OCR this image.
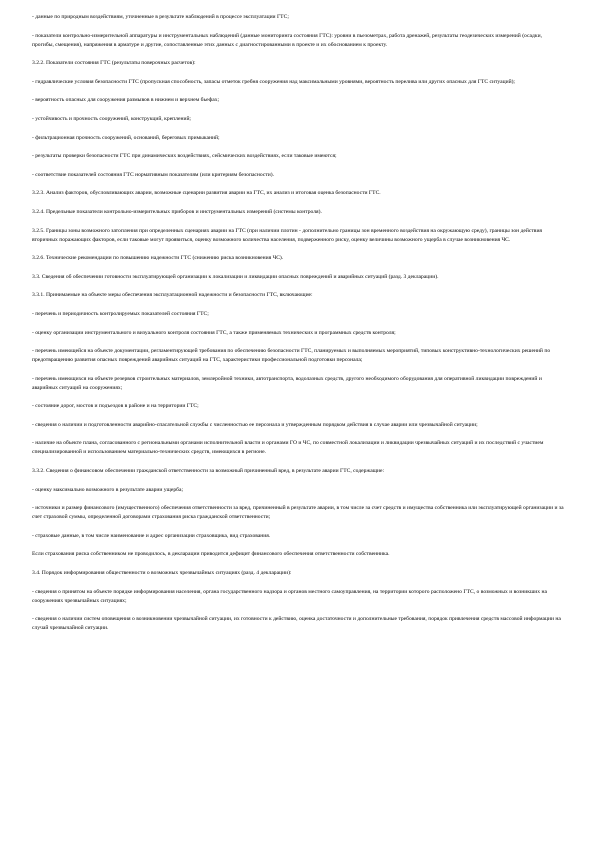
- данные по природным воздействиям, уточненные в результате наблюдений в процессе эксплуатации ГТС;

- показатели контрольно-измерительной аппаратуры и инструментальных наблюдений (данные мониторинга состояния ГТС): уровни в пьезометрах, работа дренажей, результаты геодезических измерений (осадки, прогибы, смещения), напряжения в арматуре и другие, сопоставленные этих данных с диагностированными в проекте и их обоснованием к проекту.

3.2.2. Показатели состояния ГТС (результаты поверочных расчетов):

- гидравлические условия безопасности ГТС (пропускная способность, запасы отметок гребня сооружения над максимальными уровнями, вероятность перелива или других опасных для ГТС ситуаций);

- вероятность опасных для сооружения размывов в нижнем и верхнем бьефах;

- устойчивость и прочность сооружений, конструкций, креплений;

- фильтрационная прочность сооружений, оснований, береговых примыканий;

- результаты проверки безопасности ГТС при динамических воздействиях, сейсмических воздействиях, если таковые имеются;

- соответствие показателей состояния ГТС нормативным показателям (или критериям безопасности).

3.2.3. Анализ факторов, обусловливающих аварии, возможные сценарии развития аварии на ГТС, их анализ и итоговая оценка безопасности ГТС.

3.2.4. Предельные показатели контрольно-измерительных приборов и инструментальных измерений (системы контроля).

3.2.5. Границы зоны возможного затопления при определенных сценариях аварии на ГТС (при наличии плотин - дополнительно границы зон временного воздействия на окружающую среду), границы зон действия вторичных поражающих факторов, если таковые могут проявиться, оценку возможного количества населения, подверженного риску, оценку величины возможного ущерба в случае возникновения ЧС.

3.2.6. Технические рекомендации по повышению надежности ГТС (снижению риска возникновения ЧС).

3.3. Сведения об обеспечении готовности эксплуатирующей организации к локализации и ликвидации опасных повреждений и аварийных ситуаций (разд. 3 декларации).

3.3.1. Принимаемые на объекте меры обеспечения эксплуатационной надежности и безопасности ГТС, включающие:

- перечень и периодичность контролируемых показателей состояния ГТС;

- оценку организации инструментального и визуального контроля состояния ГТС, а также применяемых технических и программных средств контроля;

- перечень имеющейся на объекте документации, регламентирующей требования по обеспечению безопасности ГТС, планируемых и выполняемых мероприятий, типовых конструктивно-технологических решений по предотвращению развития опасных повреждений аварийных ситуаций на ГТС, характеристики профессиональной подготовки персонала;

- перечень имеющихся на объекте резервов строительных материалов, землеройной техники, автотранспорта, водолазных средств, другого необходимого оборудования для оперативной ликвидации повреждений и аварийных ситуаций на сооружениях;

- состояние дорог, мостов и подъездов в районе и на территории ГТС;

- сведения о наличии и подготовленности аварийно-спасательной службы с численностью ее персонала и утвержденным порядком действия в случае аварии или чрезвычайной ситуации;

- наличие на объекте плана, согласованного с региональными органами исполнительной власти и органами ГО и ЧС, по совместной локализации и ликвидации чрезвычайных ситуаций и их последствий с участием специализированной и использованием материально-технических средств, имеющихся в регионе.

3.3.2. Сведения о финансовом обеспечении гражданской ответственности за возможный причиненный вред, в результате аварии ГТС, содержащие:

- оценку максимально возможного в результате аварии ущерба;

- источники и размер финансового (имущественного) обеспечения ответственности за вред, причиненный в результате аварии, в том числе за счет средств и имущества собственника или эксплуатирующей организации и за счет страховой суммы, определенной договорами страхования риска гражданской ответственности;

- страховые данные, в том числе наименование и адрес организации страховщика, вид страхования.

Если страхования риска собственником не проводилось, в декларации приводится дефицит финансового обеспечения ответственности собственника.

3.4. Порядок информирования общественности о возможных чрезвычайных ситуациях (разд. 4 декларации):

- сведения о принятом на объекте порядке информирования населения, органа государственного надзора и органов местного самоуправления, на территории которого расположено ГТС, о возможных и возникших на сооружениях чрезвычайных ситуациях;

- сведения о наличии систем оповещения о возникновении чрезвычайной ситуации, их готовности к действию, оценка достаточности и дополнительные требования, порядок привлечения средств массовой информации на случай чрезвычайной ситуации.
